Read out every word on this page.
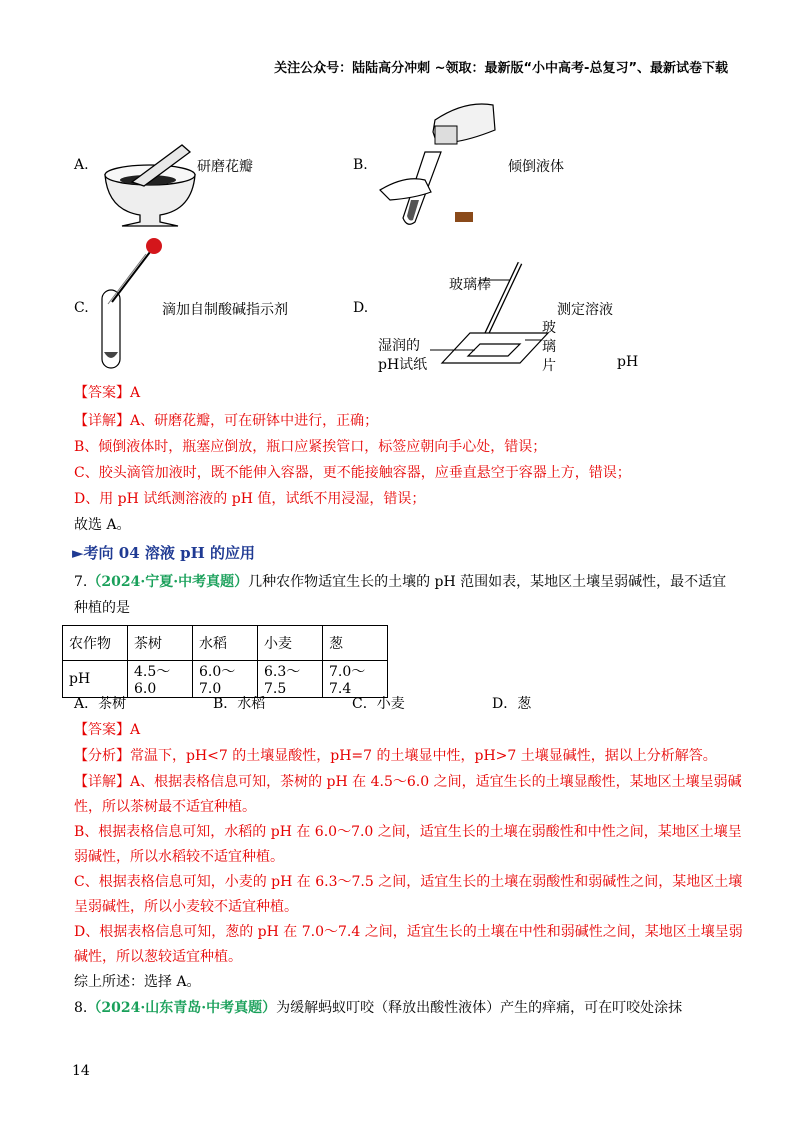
关注公众号：陆陆高分冲刺 ~领取：最新版“小中高考-总复习”、最新试卷下载
A.	研磨花瓣	B.	倾倒液体
C.	滴加自制酸碱指示剂	D.
玻璃棒
湿润的
pH试纸
玻
璃
片
测定溶液
pH
【答案】A
【详解】A、研磨花瓣，可在研钵中进行，正确；
B、倾倒液体时，瓶塞应倒放，瓶口应紧挨管口，标签应朝向手心处，错误；
C、胶头滴管加液时，既不能伸入容器，更不能接触容器，应垂直悬空于容器上方，错误；
D、用 pH 试纸测溶液的 pH 值，试纸不用浸湿，错误；
故选 A。
►考向 04 溶液 pH 的应用
7.（2024·宁夏·中考真题）几种农作物适宜生长的土壤的 pH 范围如表，某地区土壤呈弱碱性，最不适宜
种植的是
农作物	茶树	水稻	小麦	葱
pH	4.5～6.0	6.0～7.0	6.3～7.5	7.0～7.4
A．茶树	B．水稻	C．小麦	D．葱
【答案】A
【分析】常温下，pH<7 的土壤显酸性，pH=7 的土壤显中性，pH>7 土壤显碱性，据以上分析解答。
【详解】A、根据表格信息可知，茶树的 pH 在 4.5～6.0 之间，适宜生长的土壤显酸性，某地区土壤呈弱碱
性，所以茶树最不适宜种植。
B、根据表格信息可知，水稻的 pH 在 6.0～7.0 之间，适宜生长的土壤在弱酸性和中性之间，某地区土壤呈
弱碱性，所以水稻较不适宜种植。
C、根据表格信息可知，小麦的 pH 在 6.3～7.5 之间，适宜生长的土壤在弱酸性和弱碱性之间，某地区土壤
呈弱碱性，所以小麦较不适宜种植。
D、根据表格信息可知，葱的 pH 在 7.0～7.4 之间，适宜生长的土壤在中性和弱碱性之间，某地区土壤呈弱
碱性，所以葱较适宜种植。
综上所述：选择 A。
8.（2024·山东青岛·中考真题）为缓解蚂蚁叮咬（释放出酸性液体）产生的痒痛，可在叮咬处涂抹
14
